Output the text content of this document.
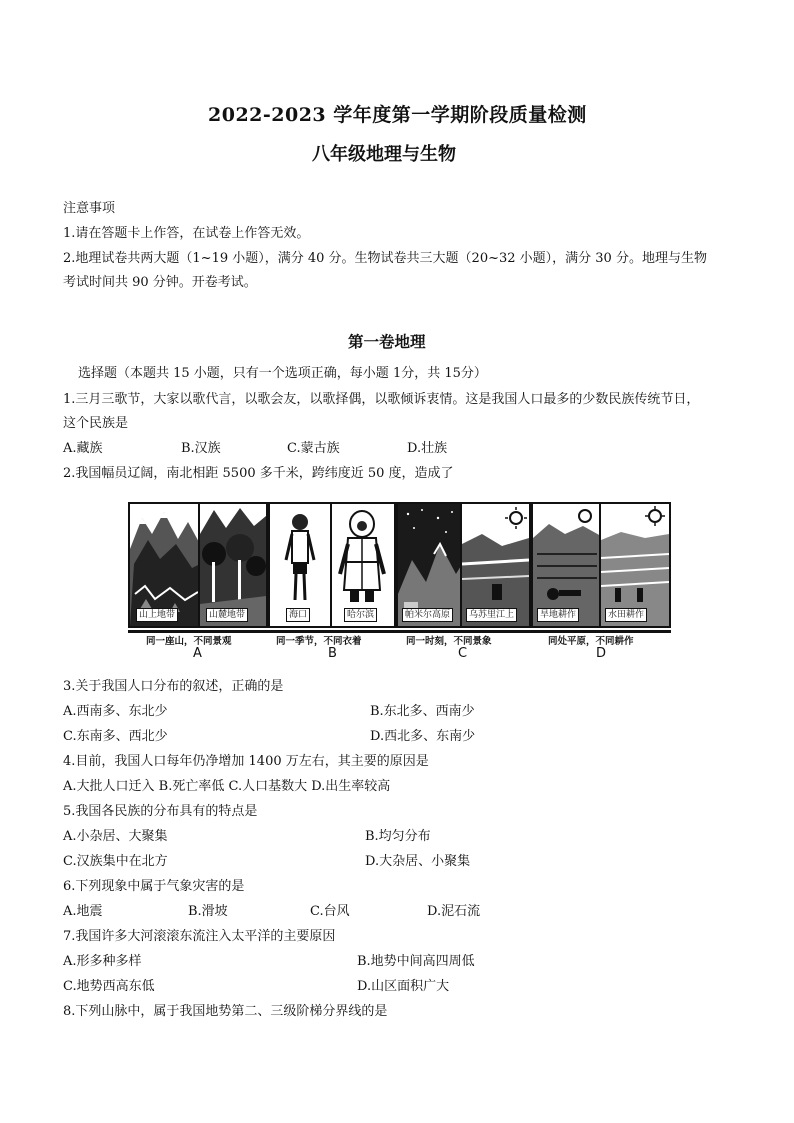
2022-2023 学年度第一学期阶段质量检测
八年级地理与生物
注意事项
1.请在答题卡上作答，在试卷上作答无效。
2.地理试卷共两大题（1~19 小题），满分 40 分。生物试卷共三大题（20~32 小题），满分 30 分。地理与生物
考试时间共 90 分钟。开卷考试。
第一卷地理
选择题（本题共 15 小题，只有一个选项正确，每小题 1分，共 15分）
1.三月三歌节，大家以歌代言，以歌会友，以歌择偶，以歌倾诉衷情。这是我国人口最多的少数民族传统节日，
这个民族是
A.藏族	B.汉族	C.蒙古族	D.壮族
2.我国幅员辽阔，南北相距 5500 多千米，跨纬度近 50 度，造成了
山上地带	山麓地带
同一座山，不同景观
A
海口	哈尔滨
同一季节，不同衣着
B
帕米尔高原	乌苏里江上
同一时刻，不同景象
C
旱地耕作	水田耕作
同处平原，不同耕作
D
3.关于我国人口分布的叙述，正确的是
A.西南多、东北少	B.东北多、西南少
C.东南多、西北少	D.西北多、东南少
4.目前，我国人口每年仍净增加 1400 万左右，其主要的原因是
A.大批人口迁入 B.死亡率低 C.人口基数大 D.出生率较高
5.我国各民族的分布具有的特点是
A.小杂居、大聚集	B.均匀分布
C.汉族集中在北方	D.大杂居、小聚集
6.下列现象中属于气象灾害的是
A.地震	B.滑坡	C.台风	D.泥石流
7.我国许多大河滚滚东流注入太平洋的主要原因
A.形多种多样	B.地势中间高四周低
C.地势西高东低	D.山区面积广大
8.下列山脉中，属于我国地势第二、三级阶梯分界线的是
